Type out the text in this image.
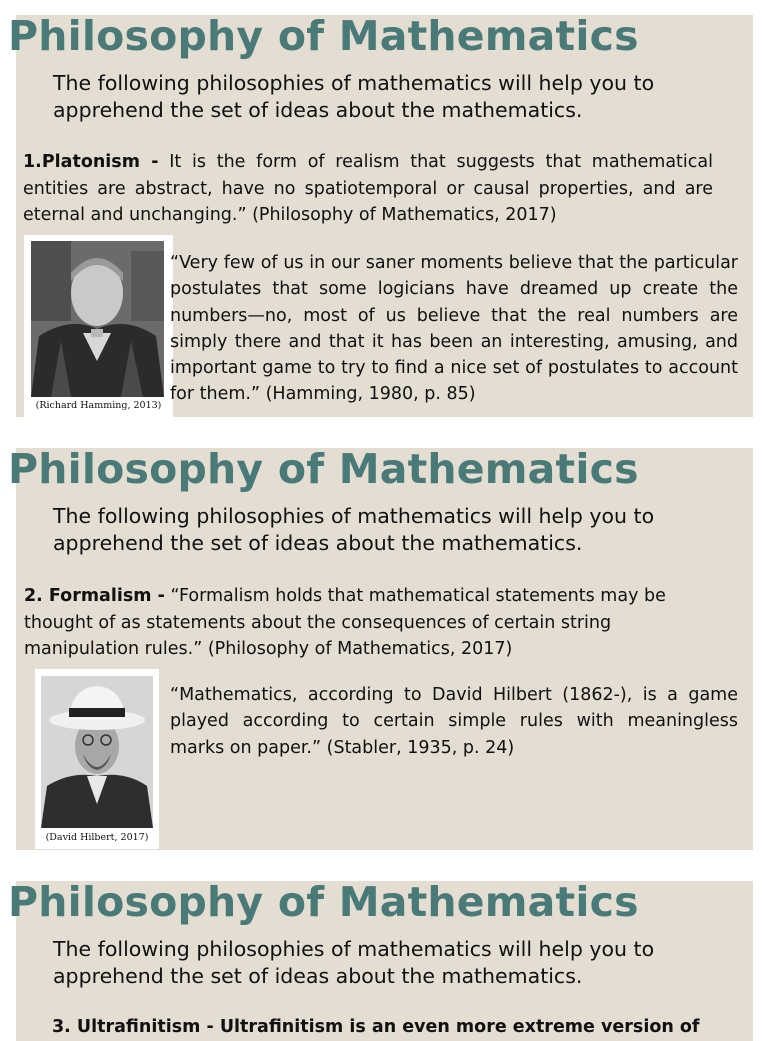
Philosophy of Mathematics
The following philosophies of mathematics will help you to apprehend the set of ideas about the mathematics.
1.Platonism - It is the form of realism that suggests that mathematical entities are abstract, have no spatiotemporal or causal properties, and are eternal and unchanging.” (Philosophy of Mathematics, 2017)
(Richard Hamming, 2013)
“Very few of us in our saner moments believe that the particular postulates that some logicians have dreamed up create the numbers—no, most of us believe that the real numbers are simply there and that it has been an interesting, amusing, and important game to try to find a nice set of postulates to account for them.” (Hamming, 1980, p. 85)
Philosophy of Mathematics
The following philosophies of mathematics will help you to apprehend the set of ideas about the mathematics.
2. Formalism - “Formalism holds that mathematical statements may be thought of as statements about the consequences of certain string manipulation rules.” (Philosophy of Mathematics, 2017)
(David Hilbert, 2017)
“Mathematics, according to David Hilbert (1862-), is a game played according to certain simple rules with meaningless marks on paper.” (Stabler, 1935, p. 24)
Philosophy of Mathematics
The following philosophies of mathematics will help you to apprehend the set of ideas about the mathematics.
3. Ultrafinitism - Ultrafinitism is an even more extreme version of
